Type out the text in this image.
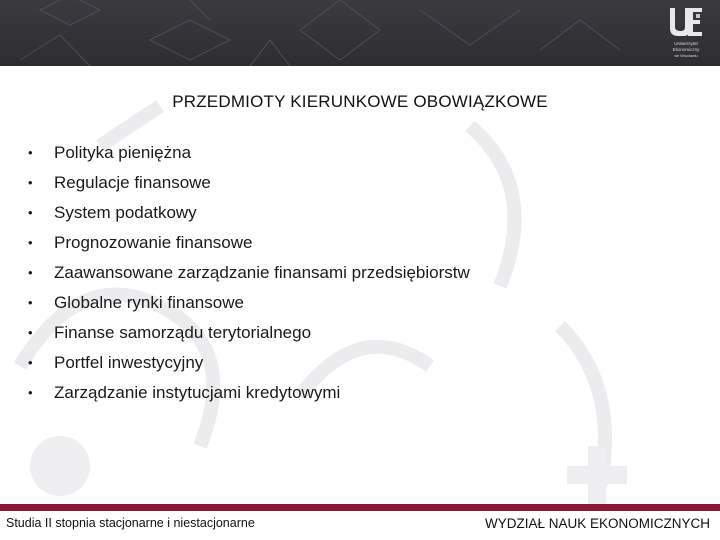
Uniwersytet
Ekonomiczny
we Wrocławiu
PRZEDMIOTY KIERUNKOWE OBOWIĄZKOWE
•	Polityka pieniężna
•	Regulacje finansowe
•	System podatkowy
•	Prognozowanie finansowe
•	Zaawansowane zarządzanie finansami przedsiębiorstw
•	Globalne rynki finansowe
•	Finanse samorządu terytorialnego
•	Portfel inwestycyjny
•	Zarządzanie instytucjami kredytowymi
Studia II stopnia stacjonarne i niestacjonarne	WYDZIAŁ NAUK EKONOMICZNYCH
